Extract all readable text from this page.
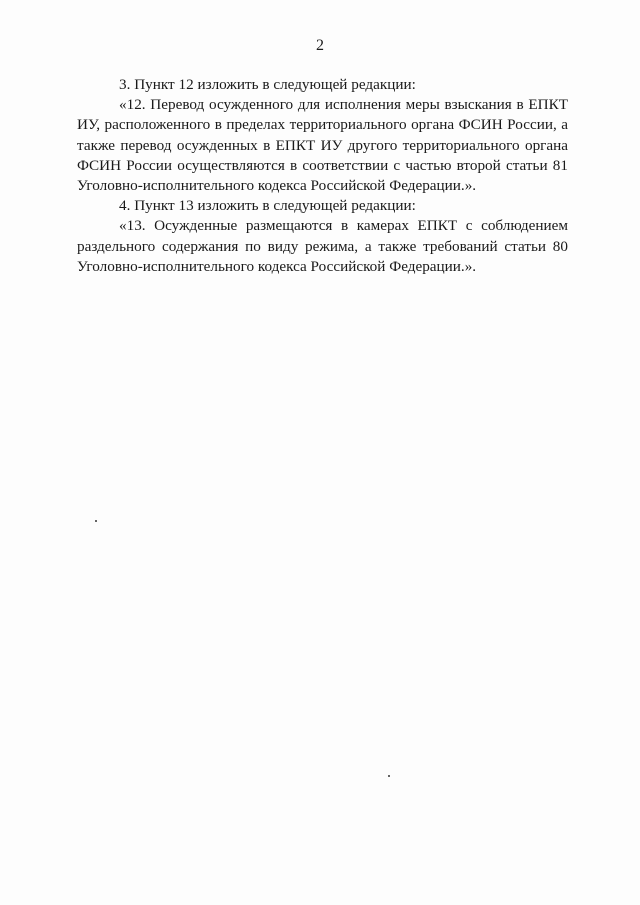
2

3. Пункт 12 изложить в следующей редакции:

«12. Перевод осужденного для исполнения меры взыскания в ЕПКТ ИУ, расположенного в пределах территориального органа ФСИН России, а также перевод осужденных в ЕПКТ ИУ другого территориального органа ФСИН России осуществляются в соответствии с частью второй статьи 81 Уголовно-исполнительного кодекса Российской Федерации.».

4. Пункт 13 изложить в следующей редакции:

«13. Осужденные размещаются в камерах ЕПКТ с соблюдением раздельного содержания по виду режима, а также требований статьи 80 Уголовно-исполнительного кодекса Российской Федерации.».
